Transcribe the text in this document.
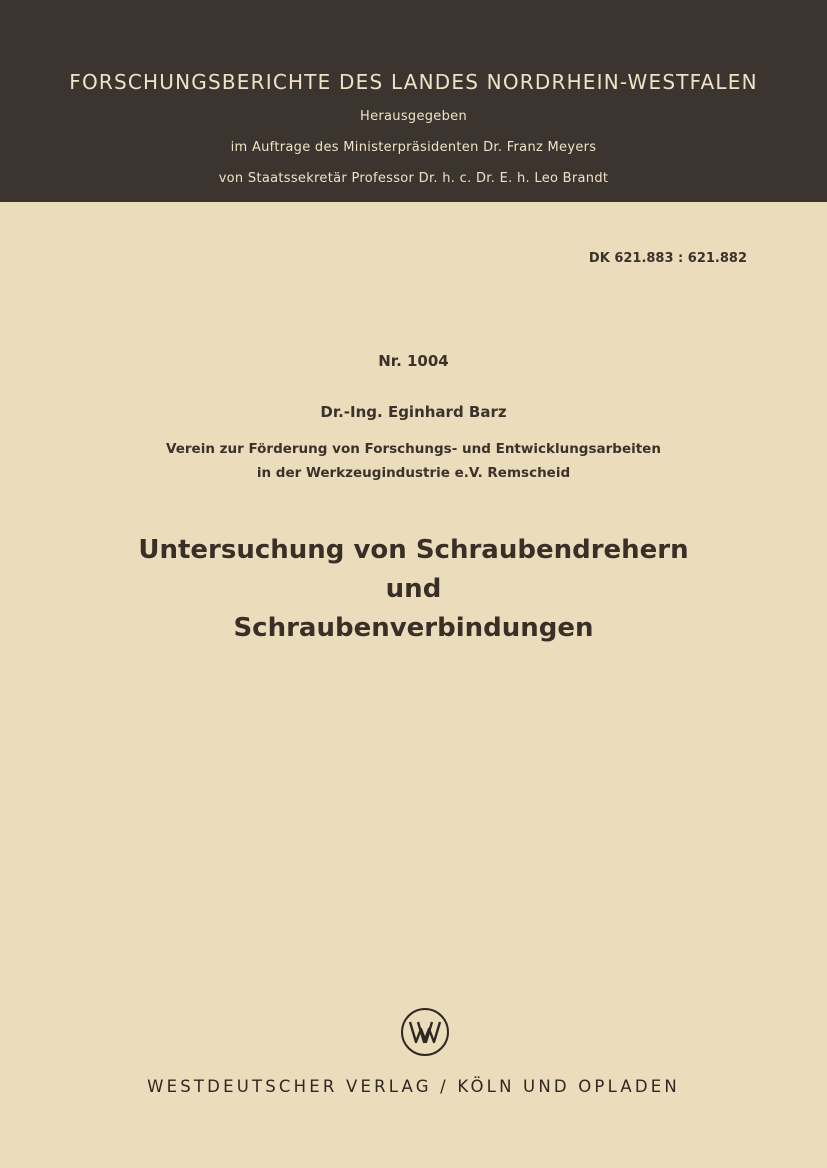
FORSCHUNGSBERICHTE DES LANDES NORDRHEIN-WESTFALEN
Herausgegeben
im Auftrage des Ministerpräsidenten Dr. Franz Meyers
von Staatssekretär Professor Dr. h. c. Dr. E. h. Leo Brandt
DK 621.883 : 621.882
Nr. 1004
Dr.-Ing. Eginhard Barz
Verein zur Förderung von Forschungs- und Entwicklungsarbeiten
in der Werkzeugindustrie e.V. Remscheid
Untersuchung von Schraubendrehern
und
Schraubenverbindungen
WESTDEUTSCHER VERLAG / KÖLN UND OPLADEN
